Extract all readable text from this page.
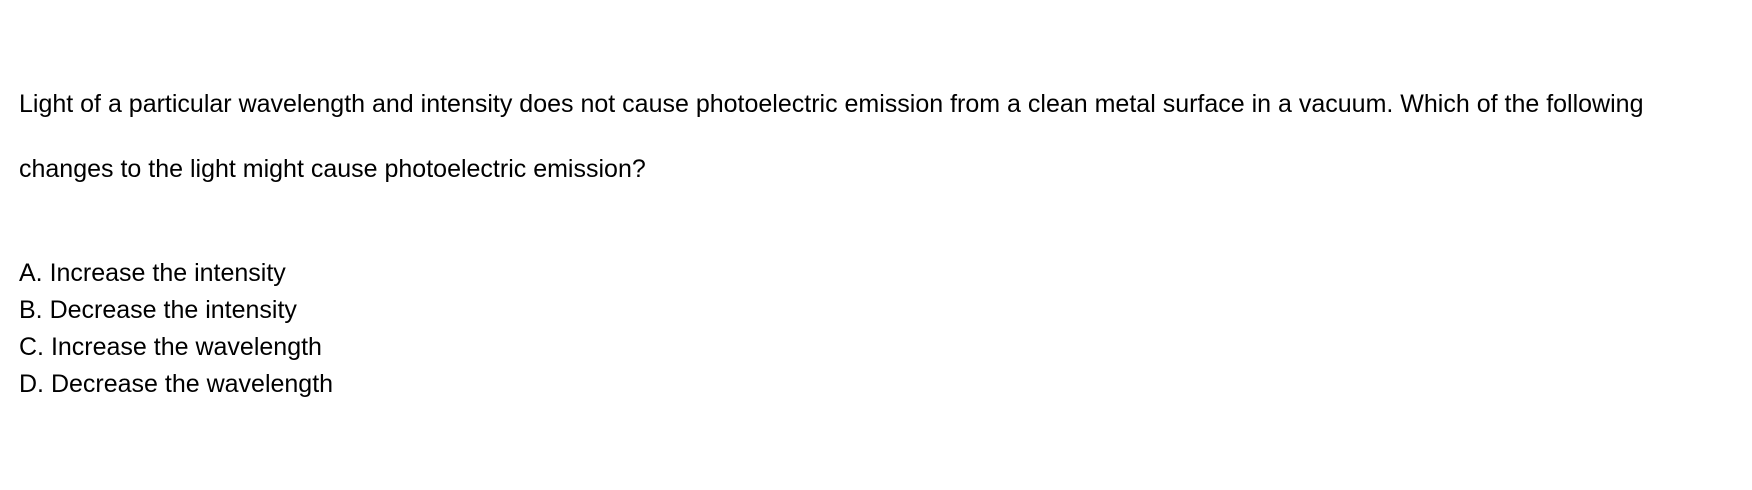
Light of a particular wavelength and intensity does not cause photoelectric emission from a clean metal surface in a vacuum. Which of the following changes to the light might cause photoelectric emission?

A. Increase the intensity
B. Decrease the intensity
C. Increase the wavelength
D. Decrease the wavelength
